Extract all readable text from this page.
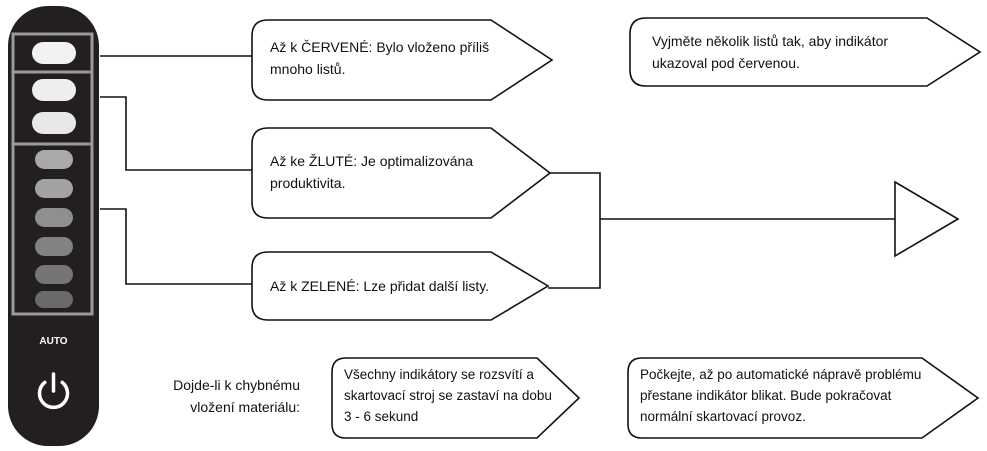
AUTO
Až k ČERVENÉ: Bylo vloženo příliš
mnoho listů.
Až ke ŽLUTÉ: Je optimalizována
produktivita.
Až k ZELENÉ: Lze přidat další listy.
Vyjměte několik listů tak, aby indikátor
ukazoval pod červenou.
Dojde-li k chybnému
vložení materiálu:
Všechny indikátory se rozsvítí a
skartovací stroj se zastaví na dobu
3 - 6 sekund
Počkejte, až po automatické nápravě problému
přestane indikátor blikat. Bude pokračovat
normální skartovací provoz.
